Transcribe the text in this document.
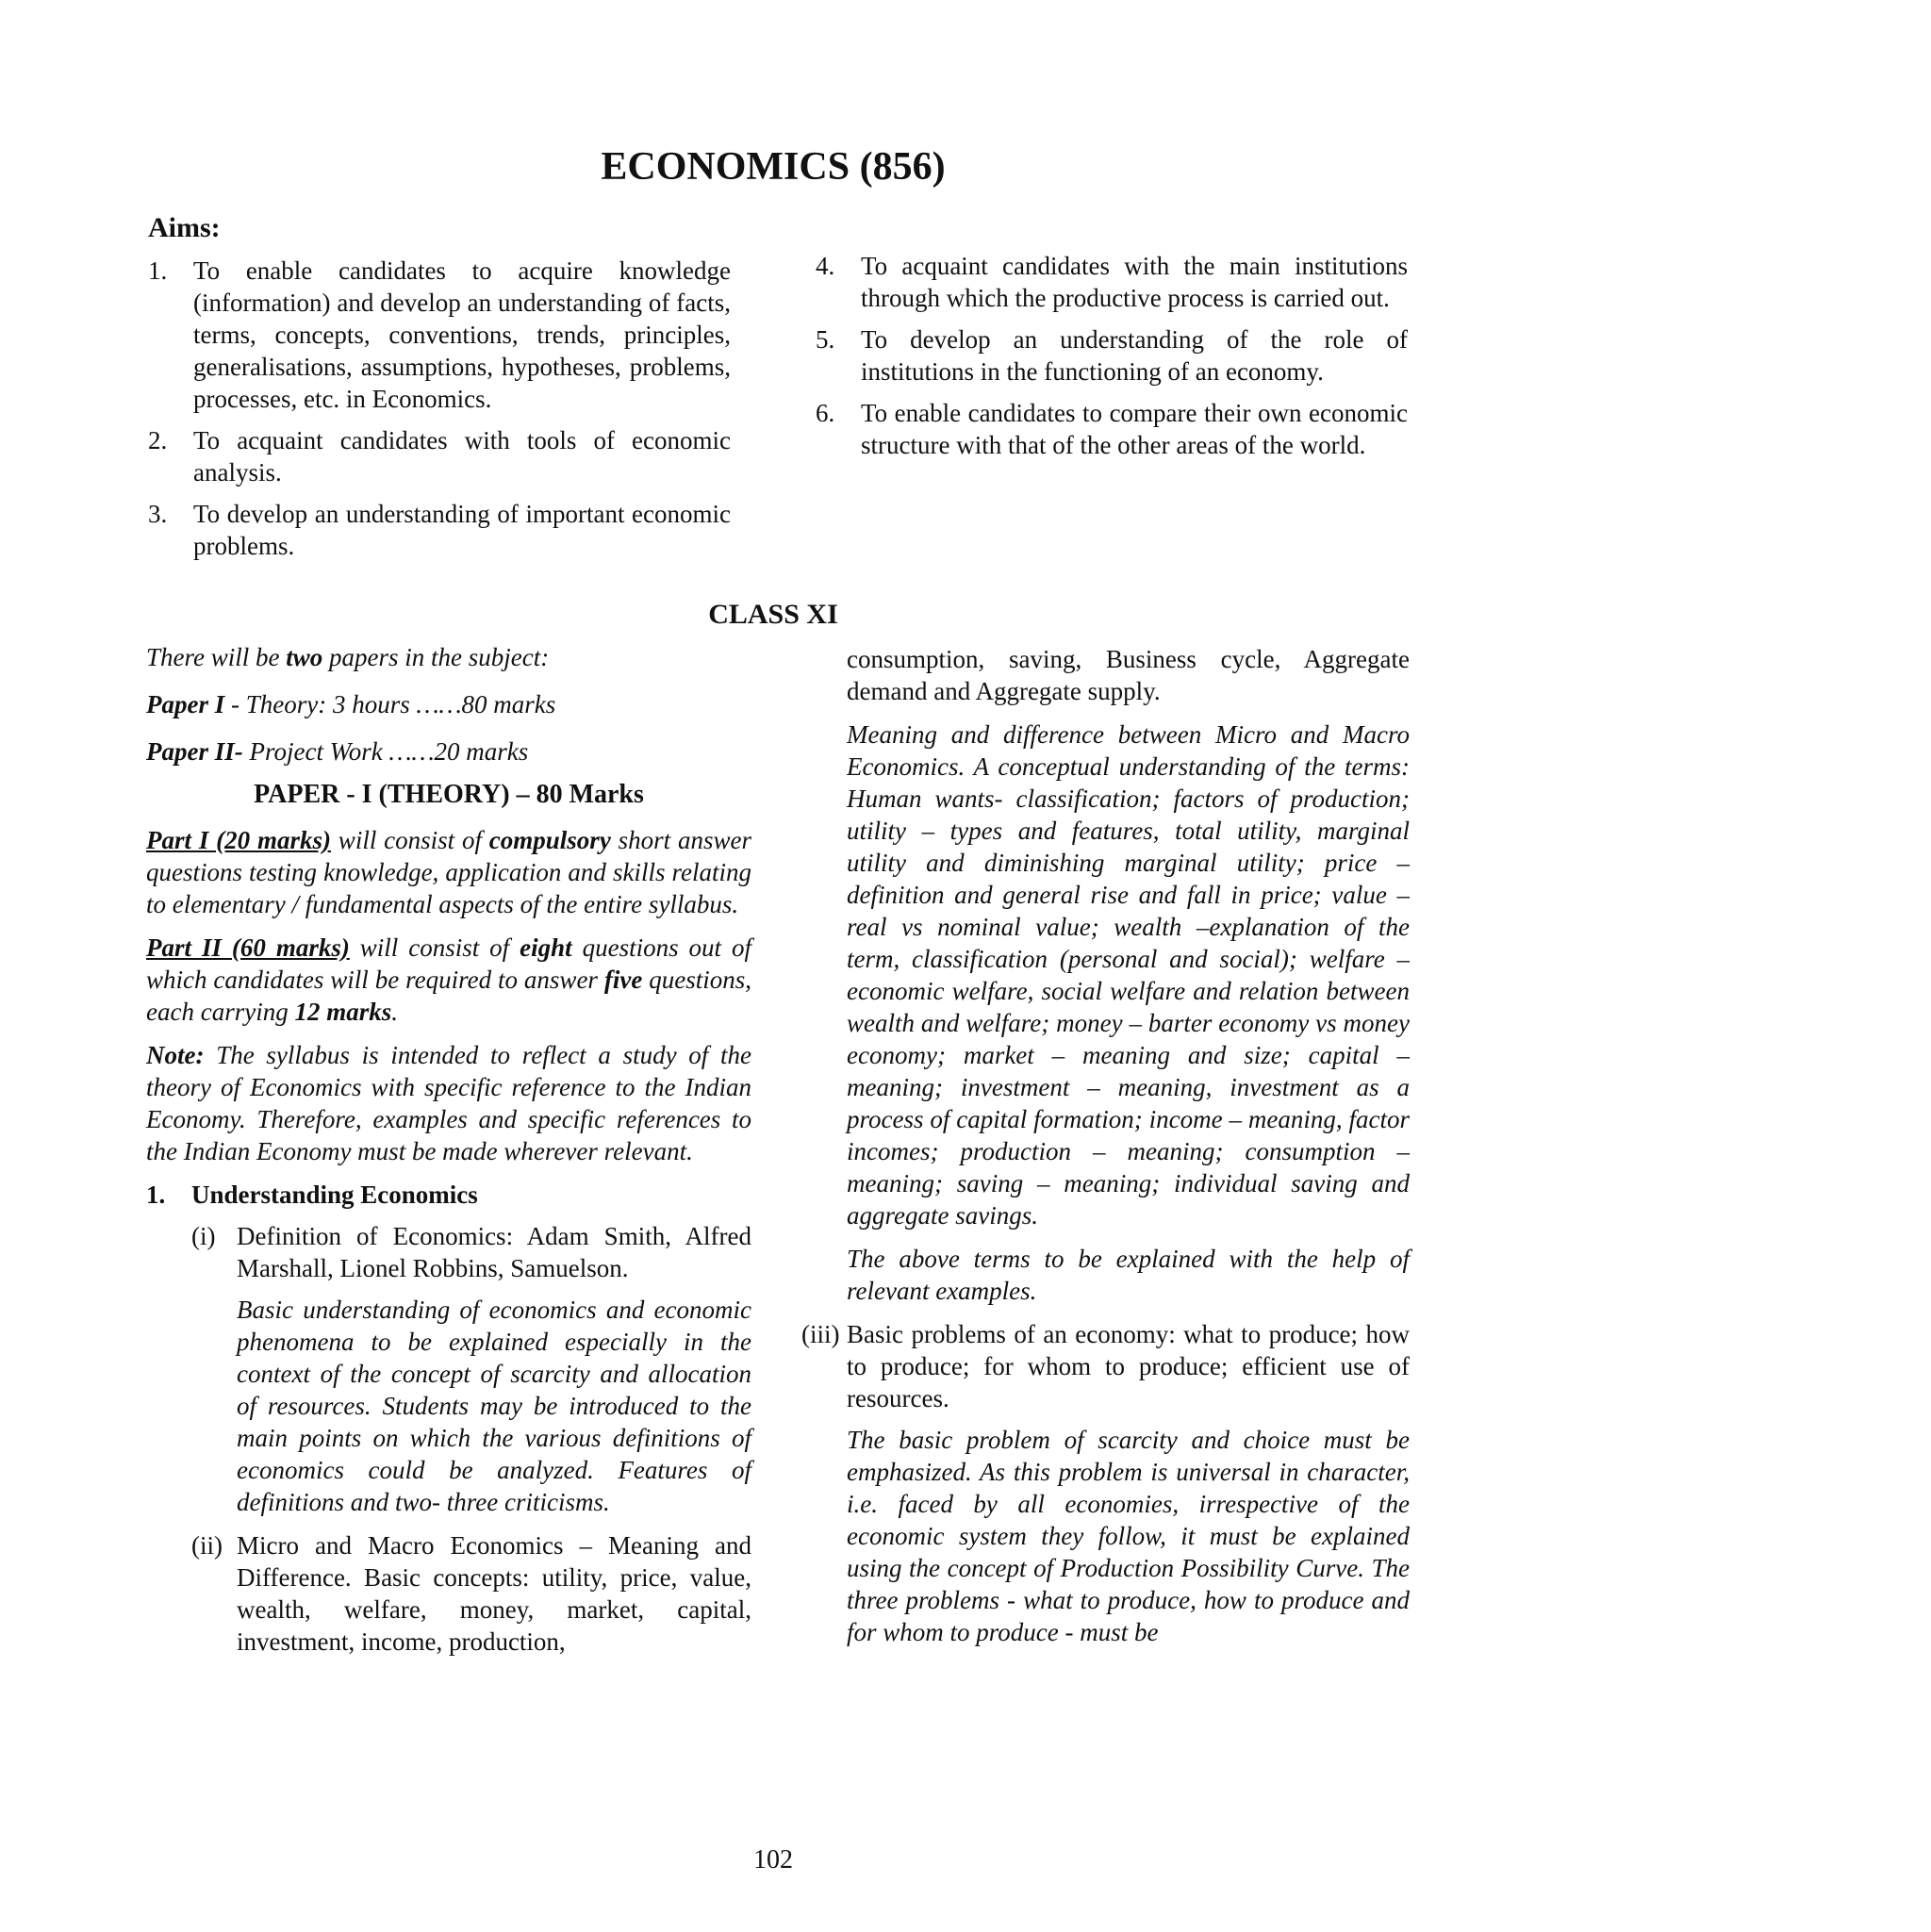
ECONOMICS (856)
Aims:
1.	To enable candidates to acquire knowledge (information) and develop an understanding of facts, terms, concepts, conventions, trends, principles, generalisations, assumptions, hypotheses, problems, processes, etc. in Economics.
2.	To acquaint candidates with tools of economic analysis.
3.	To develop an understanding of important economic problems.
4.	To acquaint candidates with the main institutions through which the productive process is carried out.
5.	To develop an understanding of the role of institutions in the functioning of an economy.
6.	To enable candidates to compare their own economic structure with that of the other areas of the world.
CLASS XI

There will be two papers in the subject:

Paper I - Theory: 3 hours ……80 marks

Paper II- Project Work ……20 marks

PAPER - I (THEORY) – 80 Marks

Part I (20 marks) will consist of compulsory short answer questions testing knowledge, application and skills relating to elementary / fundamental aspects of the entire syllabus.

Part II (60 marks) will consist of eight questions out of which candidates will be required to answer five questions, each carrying 12 marks.

Note: The syllabus is intended to reflect a study of the theory of Economics with specific reference to the Indian Economy. Therefore, examples and specific references to the Indian Economy must be made wherever relevant.

1.	Understanding Economics
(i) Definition of Economics: Adam Smith, Alfred Marshall, Lionel Robbins, Samuelson.

Basic understanding of economics and economic phenomena to be explained especially in the context of the concept of scarcity and allocation of resources. Students may be introduced to the main points on which the various definitions of economics could be analyzed. Features of definitions and two- three criticisms.

(ii) Micro and Macro Economics – Meaning and Difference. Basic concepts: utility, price, value, wealth, welfare, money, market, capital, investment, income, production,

consumption, saving, Business cycle, Aggregate demand and Aggregate supply.

Meaning and difference between Micro and Macro Economics. A conceptual understanding of the terms: Human wants- classification; factors of production; utility – types and features, total utility, marginal utility and diminishing marginal utility; price –definition and general rise and fall in price; value – real vs nominal value; wealth –explanation of the term, classification (personal and social); welfare – economic welfare, social welfare and relation between wealth and welfare; money – barter economy vs money economy; market – meaning and size; capital – meaning; investment – meaning, investment as a process of capital formation; income – meaning, factor incomes; production – meaning; consumption – meaning; saving – meaning; individual saving and aggregate savings.

The above terms to be explained with the help of relevant examples.

(iii) Basic problems of an economy: what to produce; how to produce; for whom to produce; efficient use of resources.

The basic problem of scarcity and choice must be emphasized. As this problem is universal in character, i.e. faced by all economies, irrespective of the economic system they follow, it must be explained using the concept of Production Possibility Curve. The three problems - what to produce, how to produce and for whom to produce - must be

102
